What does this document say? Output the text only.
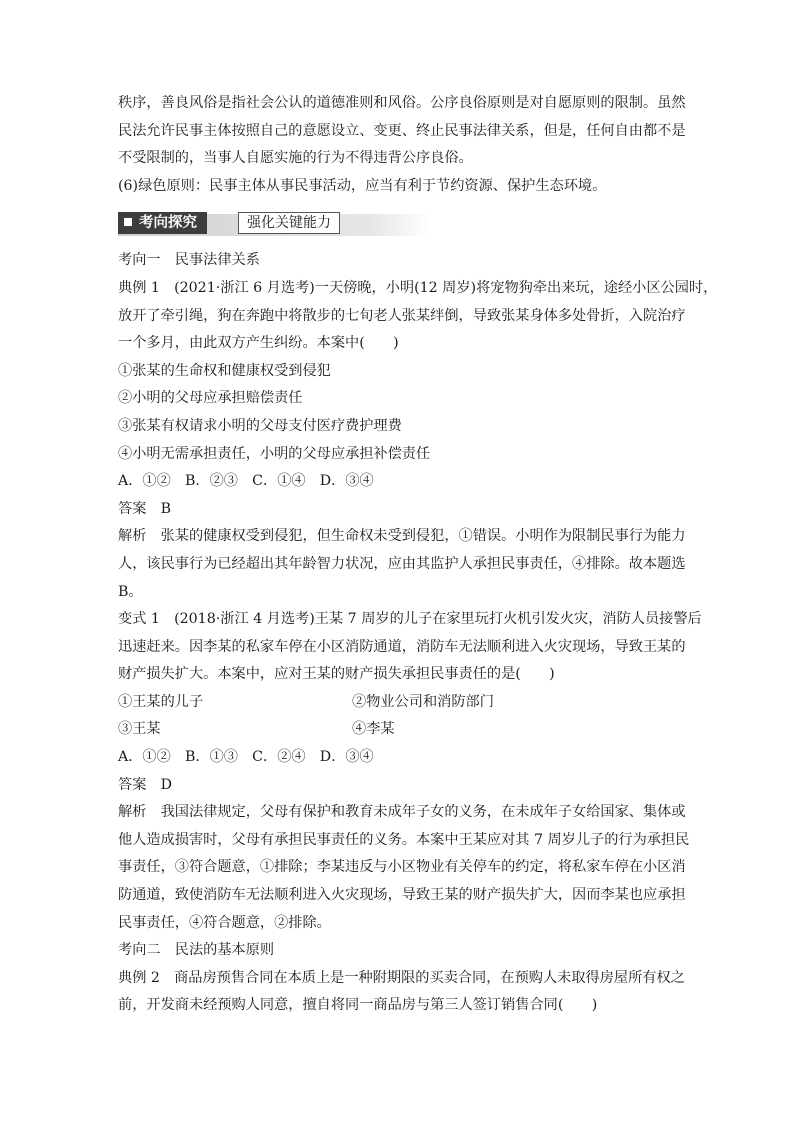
秩序，善良风俗是指社会公认的道德准则和风俗。公序良俗原则是对自愿原则的限制。虽然
民法允许民事主体按照自己的意愿设立、变更、终止民事法律关系，但是，任何自由都不是
不受限制的，当事人自愿实施的行为不得违背公序良俗。
(6)绿色原则：民事主体从事民事活动，应当有利于节约资源、保护生态环境。
考向探究	强化关键能力
考向一　民事法律关系
典例 1　(2021·浙江 6 月选考)一天傍晚，小明(12 周岁)将宠物狗牵出来玩，途经小区公园时，
放开了牵引绳，狗在奔跑中将散步的七旬老人张某绊倒，导致张某身体多处骨折，入院治疗
一个多月，由此双方产生纠纷。本案中(　　)
①张某的生命权和健康权受到侵犯
②小明的父母应承担赔偿责任
③张某有权请求小明的父母支付医疗费护理费
④小明无需承担责任，小明的父母应承担补偿责任
A．①②　B．②③　C．①④　D．③④
答案　B
解析　张某的健康权受到侵犯，但生命权未受到侵犯，①错误。小明作为限制民事行为能力
人，该民事行为已经超出其年龄智力状况，应由其监护人承担民事责任，④排除。故本题选
B。
变式 1　(2018·浙江 4 月选考)王某 7 周岁的儿子在家里玩打火机引发火灾，消防人员接警后
迅速赶来。因李某的私家车停在小区消防通道，消防车无法顺利进入火灾现场，导致王某的
财产损失扩大。本案中，应对王某的财产损失承担民事责任的是(　　)
①王某的儿子	②物业公司和消防部门
③王某	④李某
A．①②　B．①③　C．②④　D．③④
答案　D
解析　我国法律规定，父母有保护和教育未成年子女的义务，在未成年子女给国家、集体或
他人造成损害时，父母有承担民事责任的义务。本案中王某应对其 7 周岁儿子的行为承担民
事责任，③符合题意，①排除；李某违反与小区物业有关停车的约定，将私家车停在小区消
防通道，致使消防车无法顺利进入火灾现场，导致王某的财产损失扩大，因而李某也应承担
民事责任，④符合题意，②排除。
考向二　民法的基本原则
典例 2　商品房预售合同在本质上是一种附期限的买卖合同，在预购人未取得房屋所有权之
前，开发商未经预购人同意，擅自将同一商品房与第三人签订销售合同(　　)
